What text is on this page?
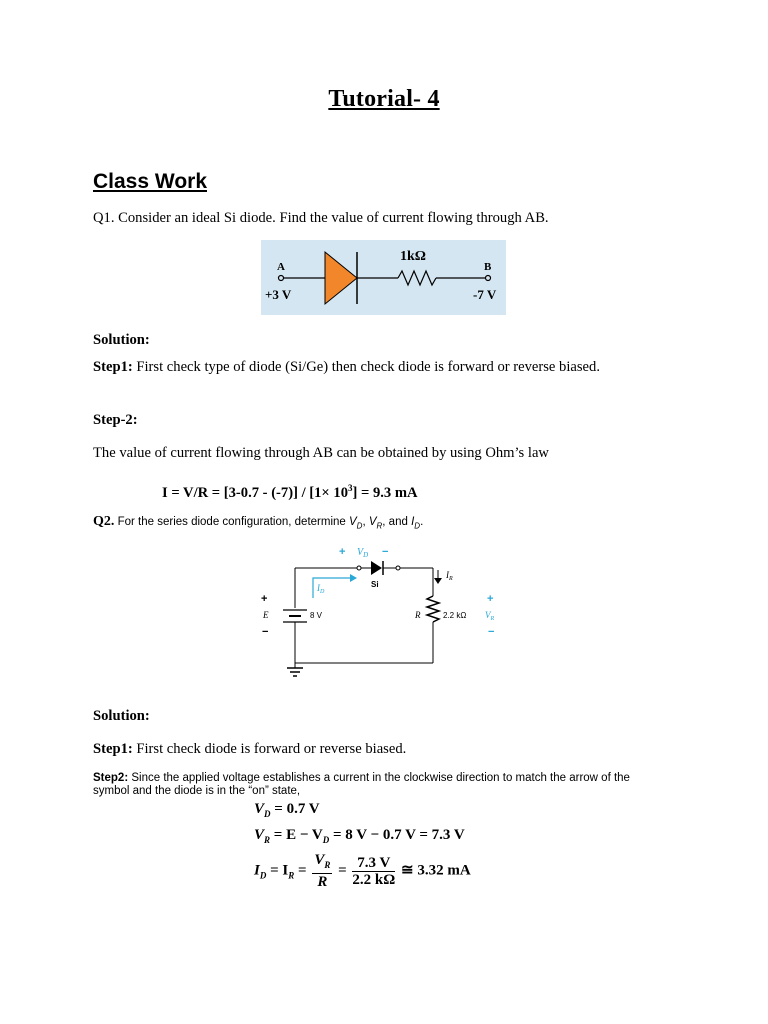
Tutorial- 4
Class Work
Q1. Consider an ideal Si diode. Find the value of current flowing through AB.
A
+3 V
1kΩ
B
-7 V
Solution:
Step1: First check type of diode (Si/Ge) then check diode is forward or reverse biased.
Step-2:
The value of current flowing through AB can be obtained by using Ohm’s law
$I = V/R = [3-0.7 - (-7)] / [1\times 10^3] = 9.3$ mA
Q2. For the series diode configuration, determine $V_D$, $V_R$, and $I_D$.
+ $V_D$ −
Si
$I_D$
$I_R$
+
E
−
8 V	R	2.2 kΩ
+
$V_R$
−
Solution:
Step1: First check diode is forward or reverse biased.
Step2: Since the applied voltage establishes a current in the clockwise direction to match the arrow of the
symbol and the diode is in the “on” state,
$V_D = 0.7$ V
$V_R = E - V_D = 8$ V − 0.7 V = 7.3 V
$I_D = I_R = \frac{V_R}{R} = \frac{7.3 V}{2.2 k\Omega}$ ≅ 3.32 mA
